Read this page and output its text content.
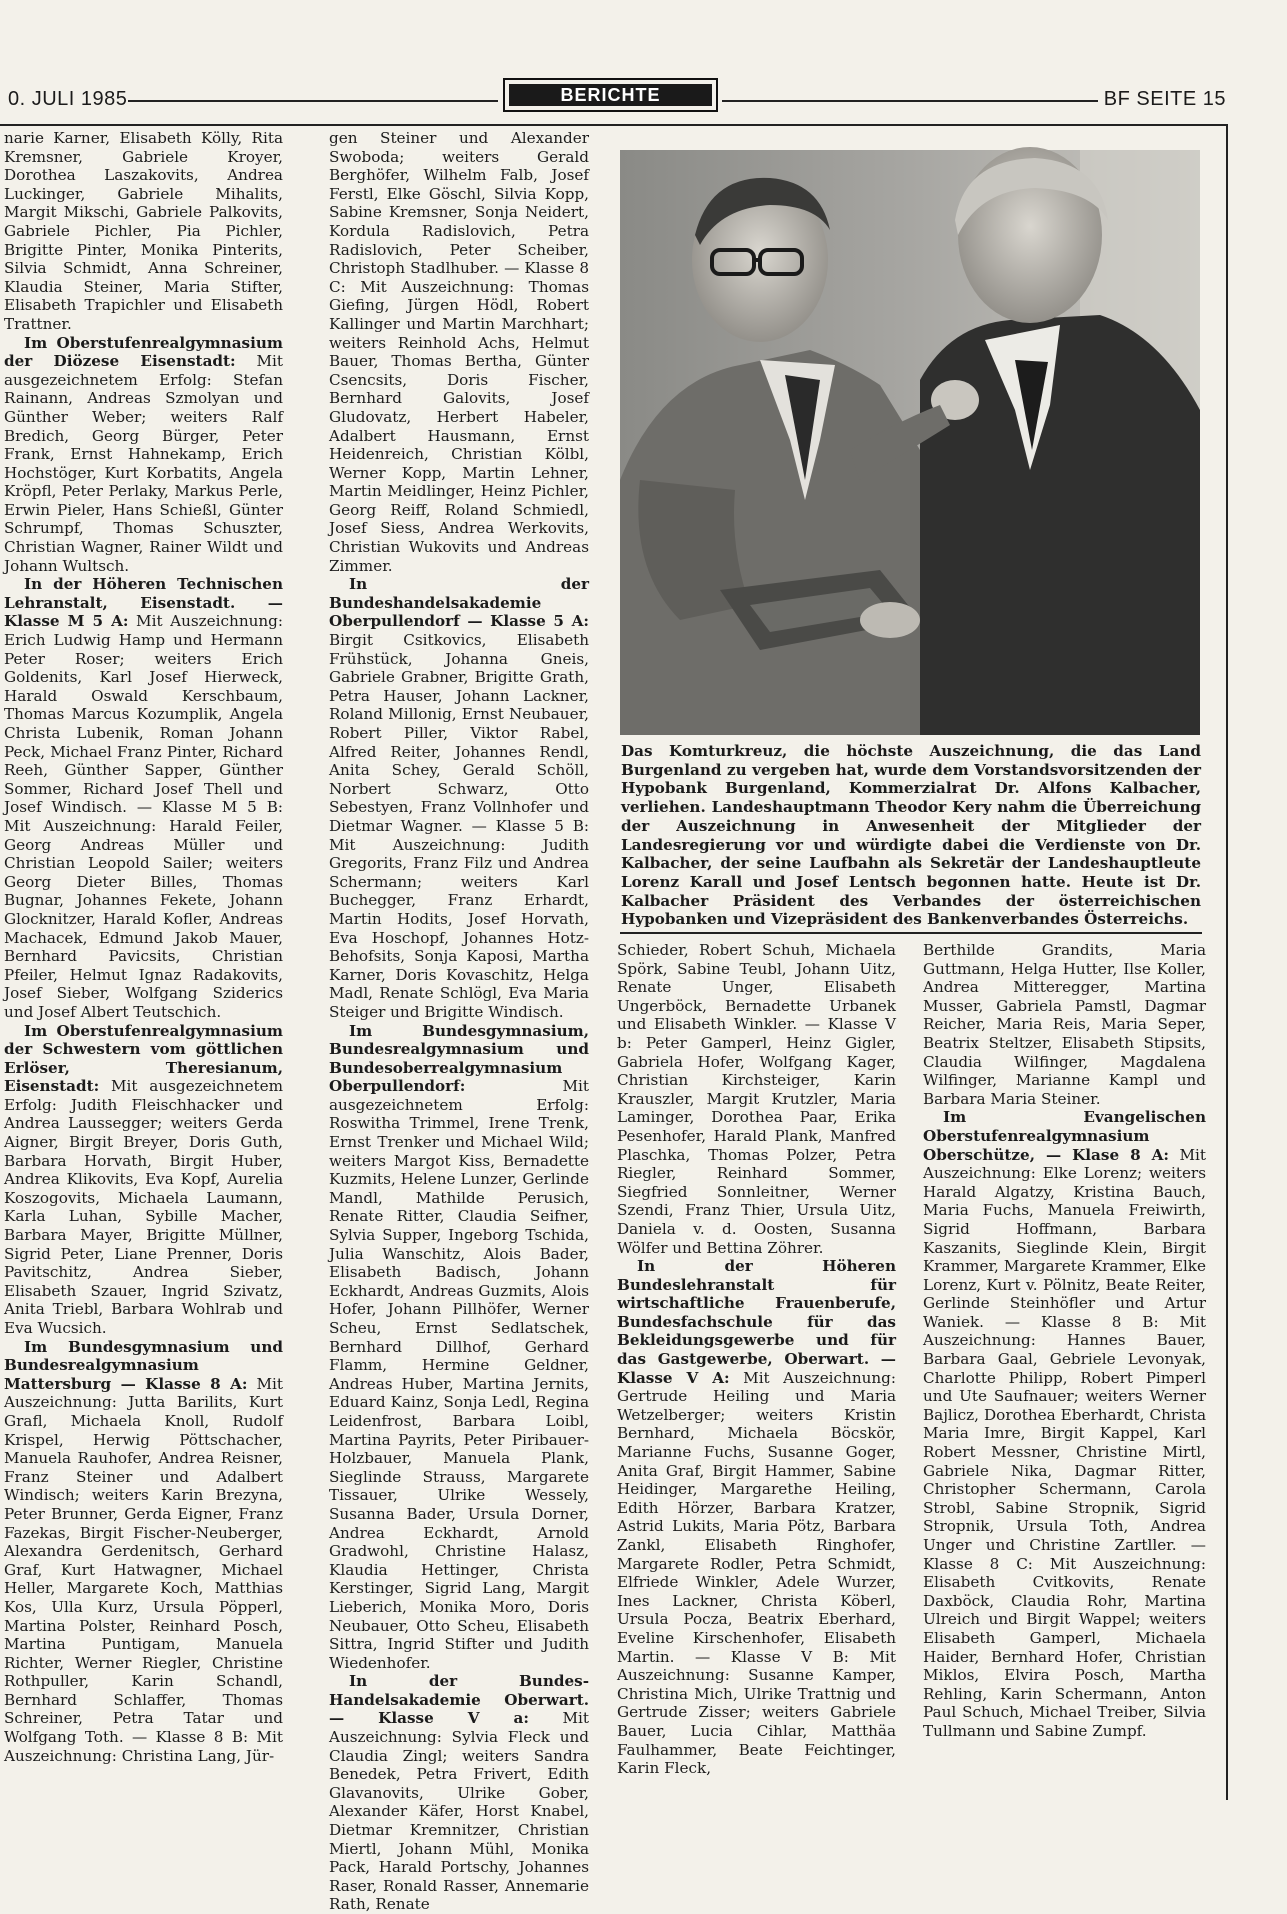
0. JULI 1985	BERICHTE	BF SEITE 15

narie Karner, Elisabeth Kölly, Rita Kremsner, Gabriele Kroyer, Dorothea Laszakovits, Andrea Luckinger, Gabriele Mihalits, Margit Mikschi, Gabriele Palkovits, Gabriele Pichler, Pia Pichler, Brigitte Pinter, Monika Pinterits, Silvia Schmidt, Anna Schreiner, Klaudia Steiner, Maria Stifter, Elisabeth Trapichler und Elisabeth Trattner.

Im Oberstufenrealgymnasium der Diözese Eisenstadt: Mit ausgezeichnetem Erfolg: Stefan Rainann, Andreas Szmolyan und Günther Weber; weiters Ralf Bredich, Georg Bürger, Peter Frank, Ernst Hahnekamp, Erich Hochstöger, Kurt Korbatits, Angela Kröpfl, Peter Perlaky, Markus Perle, Erwin Pieler, Hans Schießl, Günter Schrumpf, Thomas Schuszter, Christian Wagner, Rainer Wildt und Johann Wultsch.

In der Höheren Technischen Lehranstalt, Eisenstadt. — Klasse M 5 A: Mit Auszeichnung: Erich Ludwig Hamp und Hermann Peter Roser; weiters Erich Goldenits, Karl Josef Hierweck, Harald Oswald Kerschbaum, Thomas Marcus Kozumplik, Angela Christa Lubenik, Roman Johann Peck, Michael Franz Pinter, Richard Reeh, Günther Sapper, Günther Sommer, Richard Josef Thell und Josef Windisch. — Klasse M 5 B: Mit Auszeichnung: Harald Feiler, Georg Andreas Müller und Christian Leopold Sailer; weiters Georg Dieter Billes, Thomas Bugnar, Johannes Fekete, Johann Glocknitzer, Harald Kofler, Andreas Machacek, Edmund Jakob Mauer, Bernhard Pavicsits, Christian Pfeiler, Helmut Ignaz Radakovits, Josef Sieber, Wolfgang Sziderics und Josef Albert Teutschich.

Im Oberstufenrealgymnasium der Schwestern vom göttlichen Erlöser, Theresianum, Eisenstadt: Mit ausgezeichnetem Erfolg: Judith Fleischhacker und Andrea Laussegger; weiters Gerda Aigner, Birgit Breyer, Doris Guth, Barbara Horvath, Birgit Huber, Andrea Klikovits, Eva Kopf, Aurelia Koszogovits, Michaela Laumann, Karla Luhan, Sybille Macher, Barbara Mayer, Brigitte Müllner, Sigrid Peter, Liane Prenner, Doris Pavitschitz, Andrea Sieber, Elisabeth Szauer, Ingrid Szivatz, Anita Triebl, Barbara Wohlrab und Eva Wucsich.

Im Bundesgymnasium und Bundesrealgymnasium Mattersburg — Klasse 8 A: Mit Auszeichnung: Jutta Barilits, Kurt Grafl, Michaela Knoll, Rudolf Krispel, Herwig Pöttschacher, Manuela Rauhofer, Andrea Reisner, Franz Steiner und Adalbert Windisch; weiters Karin Brezyna, Peter Brunner, Gerda Eigner, Franz Fazekas, Birgit Fischer-Neuberger, Alexandra Gerdenitsch, Gerhard Graf, Kurt Hatwagner, Michael Heller, Margarete Koch, Matthias Kos, Ulla Kurz, Ursula Pöpperl, Martina Polster, Reinhard Posch, Martina Puntigam, Manuela Richter, Werner Riegler, Christine Rothpuller, Karin Schandl, Bernhard Schlaffer, Thomas Schreiner, Petra Tatar und Wolfgang Toth. — Klasse 8 B: Mit Auszeichnung: Christina Lang, Jür-

gen Steiner und Alexander Swoboda; weiters Gerald Berghöfer, Wilhelm Falb, Josef Ferstl, Elke Göschl, Silvia Kopp, Sabine Kremsner, Sonja Neidert, Kordula Radislovich, Petra Radislovich, Peter Scheiber, Christoph Stadlhuber. — Klasse 8 C: Mit Auszeichnung: Thomas Giefing, Jürgen Hödl, Robert Kallinger und Martin Marchhart; weiters Reinhold Achs, Helmut Bauer, Thomas Bertha, Günter Csencsits, Doris Fischer, Bernhard Galovits, Josef Gludovatz, Herbert Habeler, Adalbert Hausmann, Ernst Heidenreich, Christian Kölbl, Werner Kopp, Martin Lehner, Martin Meidlinger, Heinz Pichler, Georg Reiff, Roland Schmiedl, Josef Siess, Andrea Werkovits, Christian Wukovits und Andreas Zimmer.

In der Bundeshandelsakademie Oberpullendorf — Klasse 5 A: Birgit Csitkovics, Elisabeth Frühstück, Johanna Gneis, Gabriele Grabner, Brigitte Grath, Petra Hauser, Johann Lackner, Roland Millonig, Ernst Neubauer, Robert Piller, Viktor Rabel, Alfred Reiter, Johannes Rendl, Anita Schey, Gerald Schöll, Norbert Schwarz, Otto Sebestyen, Franz Vollnhofer und Dietmar Wagner. — Klasse 5 B: Mit Auszeichnung: Judith Gregorits, Franz Filz und Andrea Schermann; weiters Karl Buchegger, Franz Erhardt, Martin Hodits, Josef Horvath, Eva Hoschopf, Johannes Hotz-Behofsits, Sonja Kaposi, Martha Karner, Doris Kovaschitz, Helga Madl, Renate Schlögl, Eva Maria Steiger und Brigitte Windisch.

Im Bundesgymnasium, Bundesrealgymnasium und Bundesoberrealgymnasium Oberpullendorf: Mit ausgezeichnetem Erfolg: Roswitha Trimmel, Irene Trenk, Ernst Trenker und Michael Wild; weiters Margot Kiss, Bernadette Kuzmits, Helene Lunzer, Gerlinde Mandl, Mathilde Perusich, Renate Ritter, Claudia Seifner, Sylvia Supper, Ingeborg Tschida, Julia Wanschitz, Alois Bader, Elisabeth Badisch, Johann Eckhardt, Andreas Guzmits, Alois Hofer, Johann Pillhöfer, Werner Scheu, Ernst Sedlatschek, Bernhard Dillhof, Gerhard Flamm, Hermine Geldner, Andreas Huber, Martina Jernits, Eduard Kainz, Sonja Ledl, Regina Leidenfrost, Barbara Loibl, Martina Payrits, Peter Piribauer-Holzbauer, Manuela Plank, Sieglinde Strauss, Margarete Tissauer, Ulrike Wessely, Susanna Bader, Ursula Dorner, Andrea Eckhardt, Arnold Gradwohl, Christine Halasz, Klaudia Hettinger, Christa Kerstinger, Sigrid Lang, Margit Lieberich, Monika Moro, Doris Neubauer, Otto Scheu, Elisabeth Sittra, Ingrid Stifter und Judith Wiedenhofer.

In der Bundes-Handelsakademie Oberwart. — Klasse V a: Mit Auszeichnung: Sylvia Fleck und Claudia Zingl; weiters Sandra Benedek, Petra Frivert, Edith Glavanovits, Ulrike Gober, Alexander Käfer, Horst Knabel, Dietmar Kremnitzer, Christian Miertl, Johann Mühl, Monika Pack, Harald Portschy, Johannes Raser, Ronald Rasser, Annemarie Rath, Renate

Das Komturkreuz, die höchste Auszeichnung, die das Land Burgenland zu vergeben hat, wurde dem Vorstandsvorsitzenden der Hypobank Burgenland, Kommerzialrat Dr. Alfons Kalbacher, verliehen. Landeshauptmann Theodor Kery nahm die Überreichung der Auszeichnung in Anwesenheit der Mitglieder der Landesregierung vor und würdigte dabei die Verdienste von Dr. Kalbacher, der seine Laufbahn als Sekretär der Landeshauptleute Lorenz Karall und Josef Lentsch begonnen hatte. Heute ist Dr. Kalbacher Präsident des Verbandes der österreichischen Hypobanken und Vizepräsident des Bankenverbandes Österreichs.

Schieder, Robert Schuh, Michaela Spörk, Sabine Teubl, Johann Uitz, Renate Unger, Elisabeth Ungerböck, Bernadette Urbanek und Elisabeth Winkler. — Klasse V b: Peter Gamperl, Heinz Gigler, Gabriela Hofer, Wolfgang Kager, Christian Kirchsteiger, Karin Krauszler, Margit Krutzler, Maria Laminger, Dorothea Paar, Erika Pesenhofer, Harald Plank, Manfred Plaschka, Thomas Polzer, Petra Riegler, Reinhard Sommer, Siegfried Sonnleitner, Werner Szendi, Franz Thier, Ursula Uitz, Daniela v. d. Oosten, Susanna Wölfer und Bettina Zöhrer.

In der Höheren Bundeslehranstalt für wirtschaftliche Frauenberufe, Bundesfachschule für das Bekleidungsgewerbe und für das Gastgewerbe, Oberwart. — Klasse V A: Mit Auszeichnung: Gertrude Heiling und Maria Wetzelberger; weiters Kristin Bernhard, Michaela Böcskör, Marianne Fuchs, Susanne Goger, Anita Graf, Birgit Hammer, Sabine Heidinger, Margarethe Heiling, Edith Hörzer, Barbara Kratzer, Astrid Lukits, Maria Pötz, Barbara Zankl, Elisabeth Ringhofer, Margarete Rodler, Petra Schmidt, Elfriede Winkler, Adele Wurzer, Ines Lackner, Christa Köberl, Ursula Pocza, Beatrix Eberhard, Eveline Kirschenhofer, Elisabeth Martin. — Klasse V B: Mit Auszeichnung: Susanne Kamper, Christina Mich, Ulrike Trattnig und Gertrude Zisser; weiters Gabriele Bauer, Lucia Cihlar, Matthäa Faulhammer, Beate Feichtinger, Karin Fleck,

Berthilde Grandits, Maria Guttmann, Helga Hutter, Ilse Koller, Andrea Mitteregger, Martina Musser, Gabriela Pamstl, Dagmar Reicher, Maria Reis, Maria Seper, Beatrix Steltzer, Elisabeth Stipsits, Claudia Wilfinger, Magdalena Wilfinger, Marianne Kampl und Barbara Maria Steiner.

Im Evangelischen Oberstufenrealgymnasium Oberschütze, — Klase 8 A: Mit Auszeichnung: Elke Lorenz; weiters Harald Algatzy, Kristina Bauch, Maria Fuchs, Manuela Freiwirth, Sigrid Hoffmann, Barbara Kaszanits, Sieglinde Klein, Birgit Krammer, Margarete Krammer, Elke Lorenz, Kurt v. Pölnitz, Beate Reiter, Gerlinde Steinhöfler und Artur Waniek. — Klasse 8 B: Mit Auszeichnung: Hannes Bauer, Barbara Gaal, Gebriele Levonyak, Charlotte Philipp, Robert Pimperl und Ute Saufnauer; weiters Werner Bajlicz, Dorothea Eberhardt, Christa Maria Imre, Birgit Kappel, Karl Robert Messner, Christine Mirtl, Gabriele Nika, Dagmar Ritter, Christopher Schermann, Carola Strobl, Sabine Stropnik, Sigrid Stropnik, Ursula Toth, Andrea Unger und Christine Zartller. — Klasse 8 C: Mit Auszeichnung: Elisabeth Cvitkovits, Renate Daxböck, Claudia Rohr, Martina Ulreich und Birgit Wappel; weiters Elisabeth Gamperl, Michaela Haider, Bernhard Hofer, Christian Miklos, Elvira Posch, Martha Rehling, Karin Schermann, Anton Paul Schuch, Michael Treiber, Silvia Tullmann und Sabine Zumpf.
